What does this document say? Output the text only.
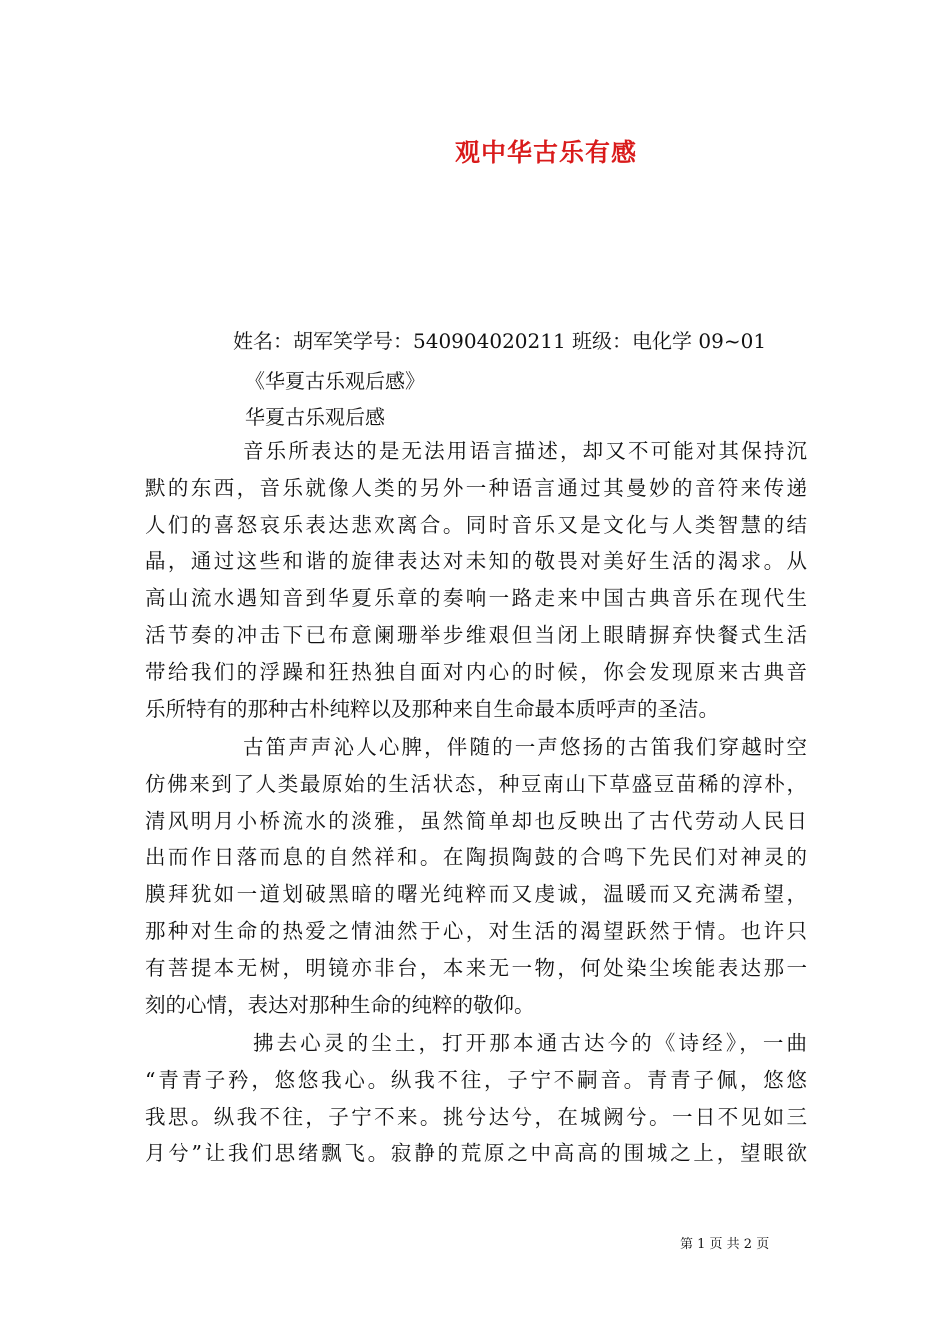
观中华古乐有感
姓名：胡军笑学号：540904020211 班级：电化学 09~01
《华夏古乐观后感》
华夏古乐观后感
音乐所表达的是无法用语言描述，却又不可能对其保持沉
默的东西，音乐就像人类的另外一种语言通过其曼妙的音符来传递
人们的喜怒哀乐表达悲欢离合。同时音乐又是文化与人类智慧的结
晶，通过这些和谐的旋律表达对未知的敬畏对美好生活的渴求。从
高山流水遇知音到华夏乐章的奏响一路走来中国古典音乐在现代生
活节奏的冲击下已布意阑珊举步维艰但当闭上眼睛摒弃快餐式生活
带给我们的浮躁和狂热独自面对内心的时候，你会发现原来古典音
乐所特有的那种古朴纯粹以及那种来自生命最本质呼声的圣洁。
古笛声声沁人心脾，伴随的一声悠扬的古笛我们穿越时空
仿佛来到了人类最原始的生活状态，种豆南山下草盛豆苗稀的淳朴，
清风明月小桥流水的淡雅，虽然简单却也反映出了古代劳动人民日
出而作日落而息的自然祥和。在陶损陶鼓的合鸣下先民们对神灵的
膜拜犹如一道划破黑暗的曙光纯粹而又虔诚，温暖而又充满希望，
那种对生命的热爱之情油然于心，对生活的渴望跃然于情。也许只
有菩提本无树，明镜亦非台，本来无一物，何处染尘埃能表达那一
刻的心情，表达对那种生命的纯粹的敬仰。
拂去心灵的尘土，打开那本通古达今的《诗经》，一曲
“青青子矜，悠悠我心。纵我不往，子宁不嗣音。青青子佩，悠悠
我思。纵我不往，子宁不来。挑兮达兮，在城阙兮。一日不见如三
月兮”让我们思绪飘飞。寂静的荒原之中高高的围城之上，望眼欲
第 1 页 共 2 页
